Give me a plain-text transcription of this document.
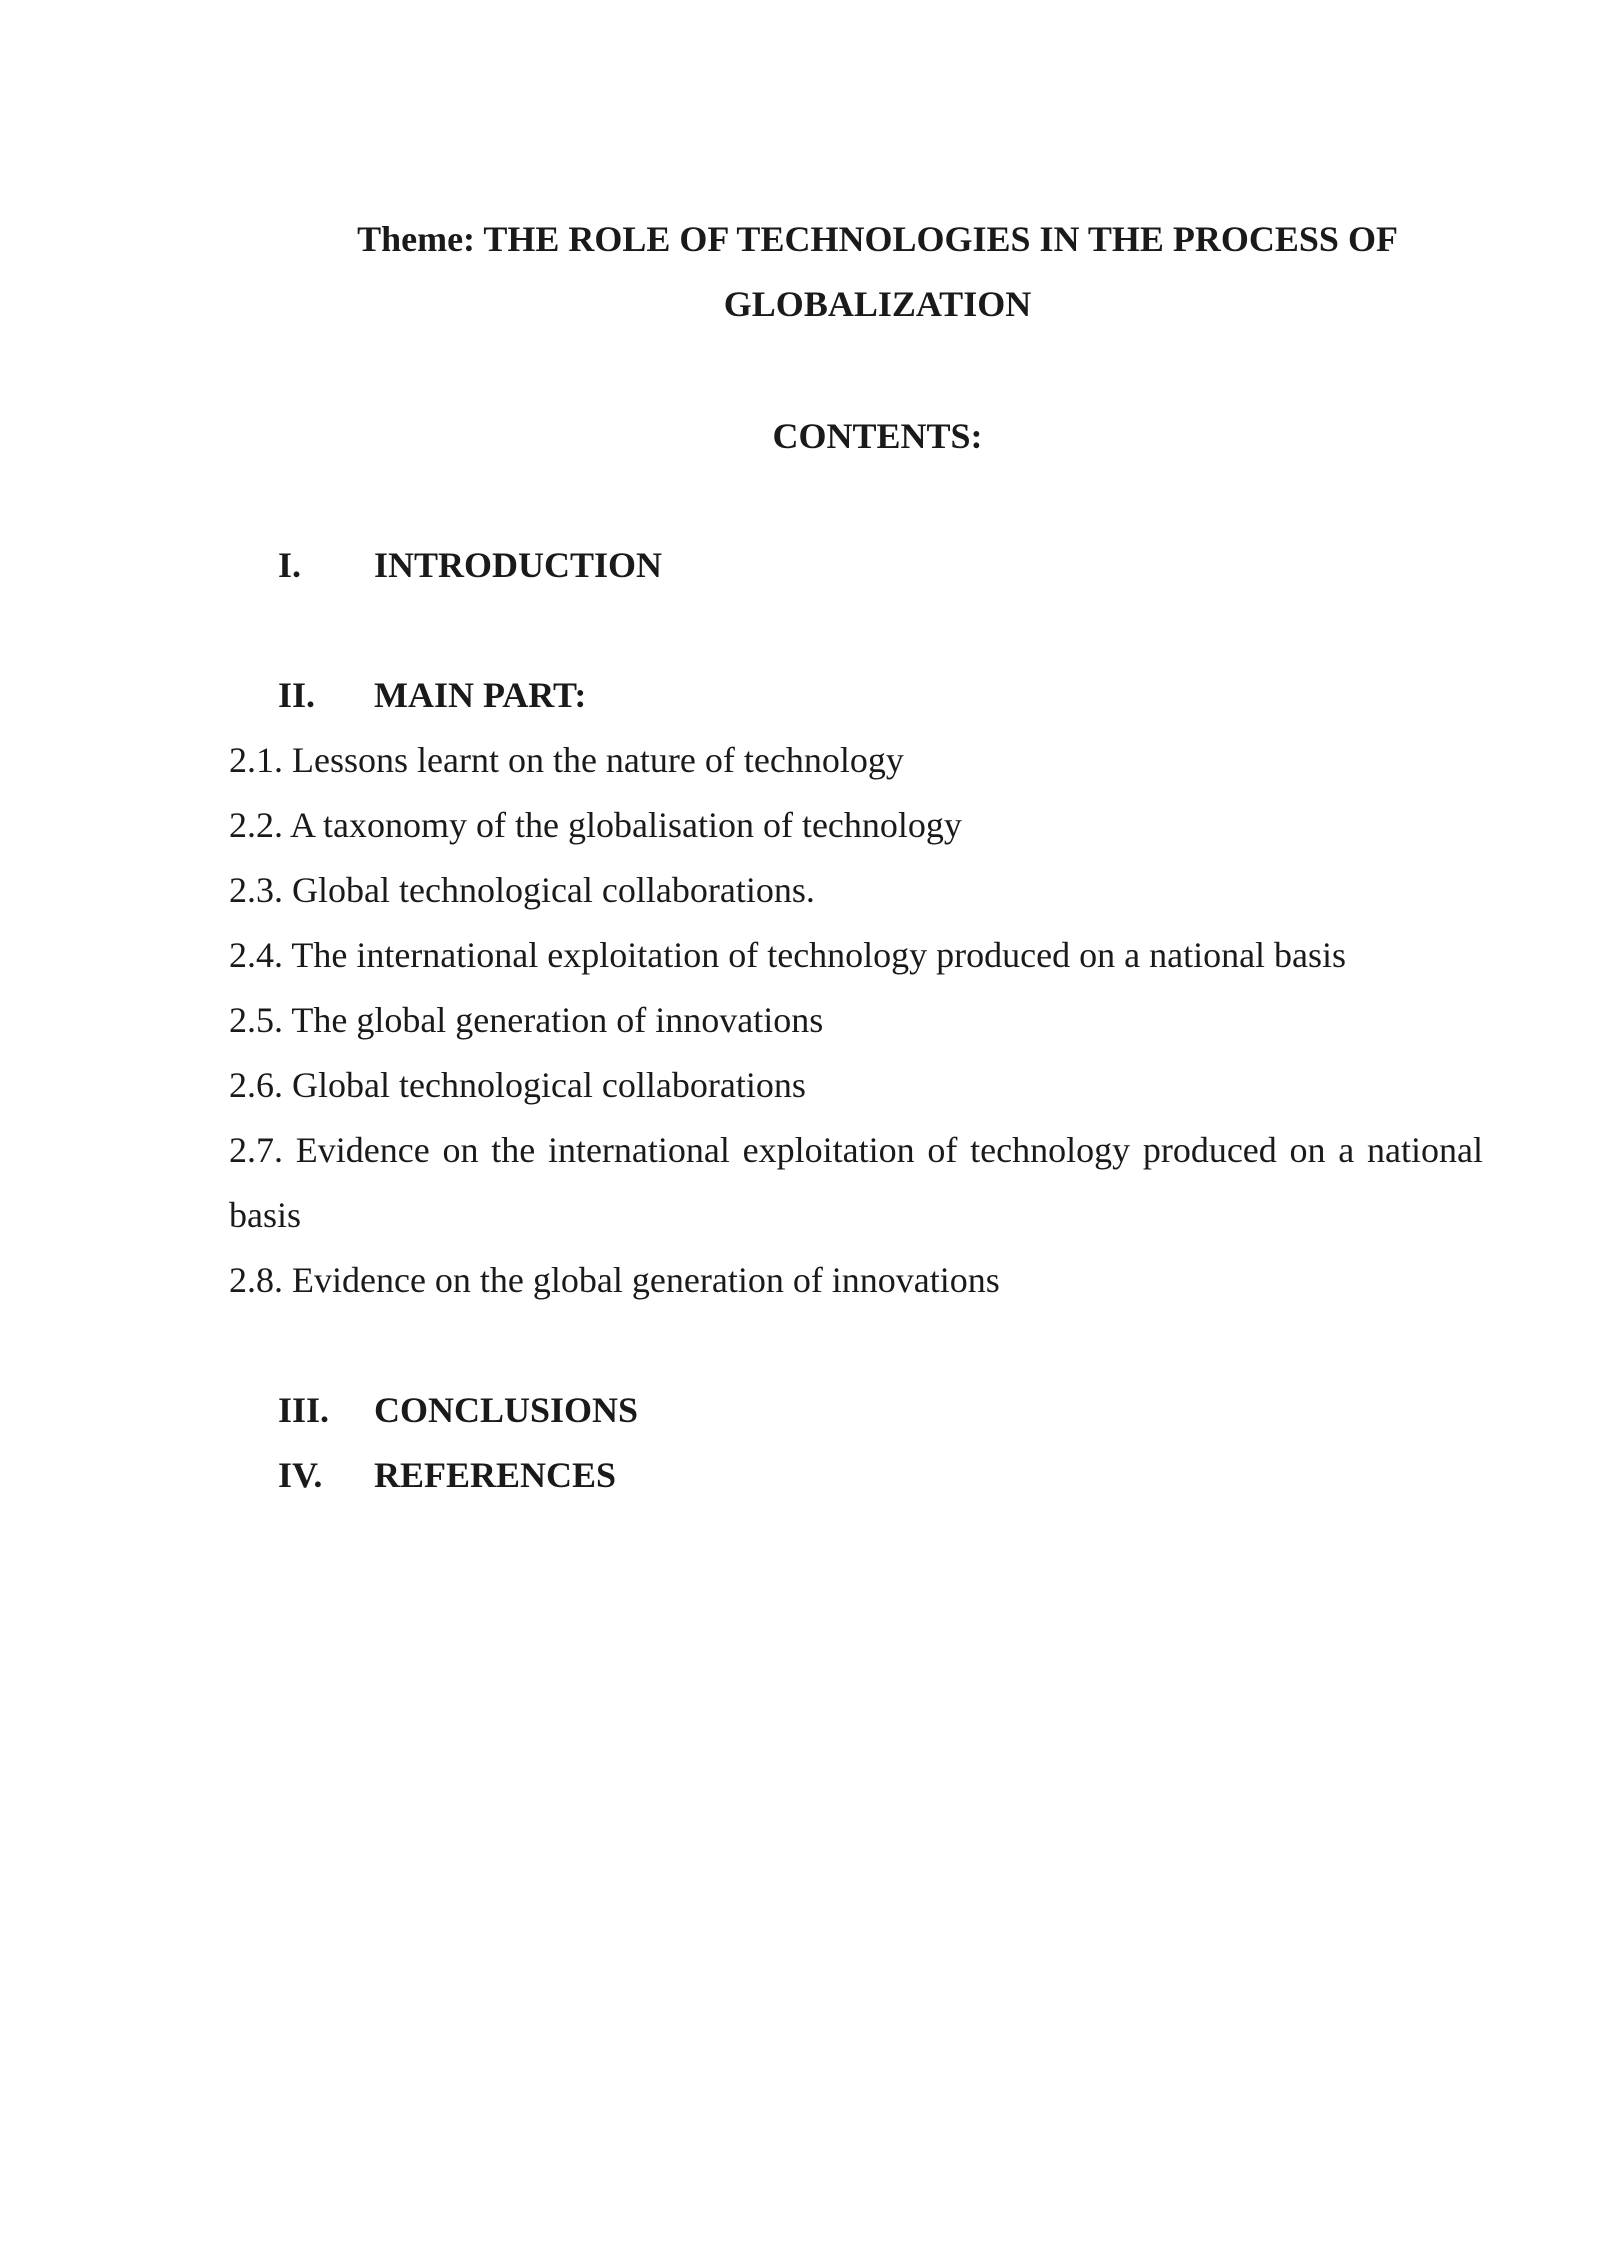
Theme: THE ROLE OF TECHNOLOGIES IN THE PROCESS OF GLOBALIZATION
CONTENTS:
I. INTRODUCTION
II. MAIN PART:
2.1. Lessons learnt on the nature of technology
2.2. A taxonomy of the globalisation of technology
2.3. Global technological collaborations.
2.4. The international exploitation of technology produced on a national basis
2.5. The global generation of innovations
2.6. Global technological collaborations
2.7. Evidence on the international exploitation of technology produced on a national basis
2.8. Evidence on the global generation of innovations
III. CONCLUSIONS
IV. REFERENCES
